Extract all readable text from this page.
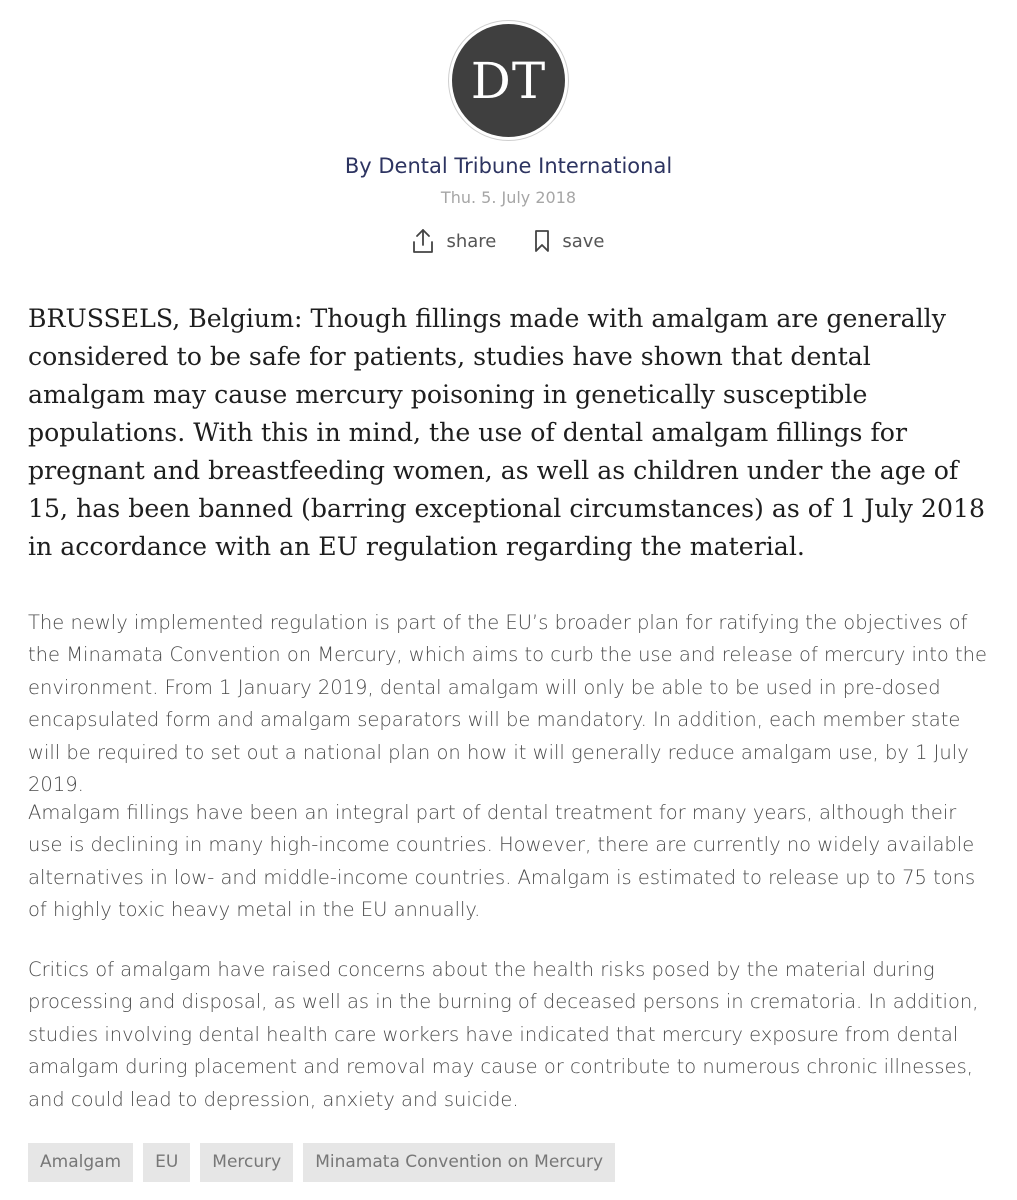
DT
By Dental Tribune International
Thu. 5. July 2018
share	save

BRUSSELS, Belgium: Though fillings made with amalgam are generally considered to be safe for patients, studies have shown that dental amalgam may cause mercury poisoning in genetically susceptible populations. With this in mind, the use of dental amalgam fillings for pregnant and breastfeeding women, as well as children under the age of 15, has been banned (barring exceptional circumstances) as of 1 July 2018 in accordance with an EU regulation regarding the material.

The newly implemented regulation is part of the EU’s broader plan for ratifying the objectives of the Minamata Convention on Mercury, which aims to curb the use and release of mercury into the environment. From 1 January 2019, dental amalgam will only be able to be used in pre-dosed encapsulated form and amalgam separators will be mandatory. In addition, each member state will be required to set out a national plan on how it will generally reduce amalgam use, by 1 July 2019.

Amalgam fillings have been an integral part of dental treatment for many years, although their use is declining in many high-income countries. However, there are currently no widely available alternatives in low- and middle-income countries. Amalgam is estimated to release up to 75 tons of highly toxic heavy metal in the EU annually.

Critics of amalgam have raised concerns about the health risks posed by the material during processing and disposal, as well as in the burning of deceased persons in crematoria. In addition, studies involving dental health care workers have indicated that mercury exposure from dental amalgam during placement and removal may cause or contribute to numerous chronic illnesses, and could lead to depression, anxiety and suicide.

Amalgam	EU	Mercury	Minamata Convention on Mercury
